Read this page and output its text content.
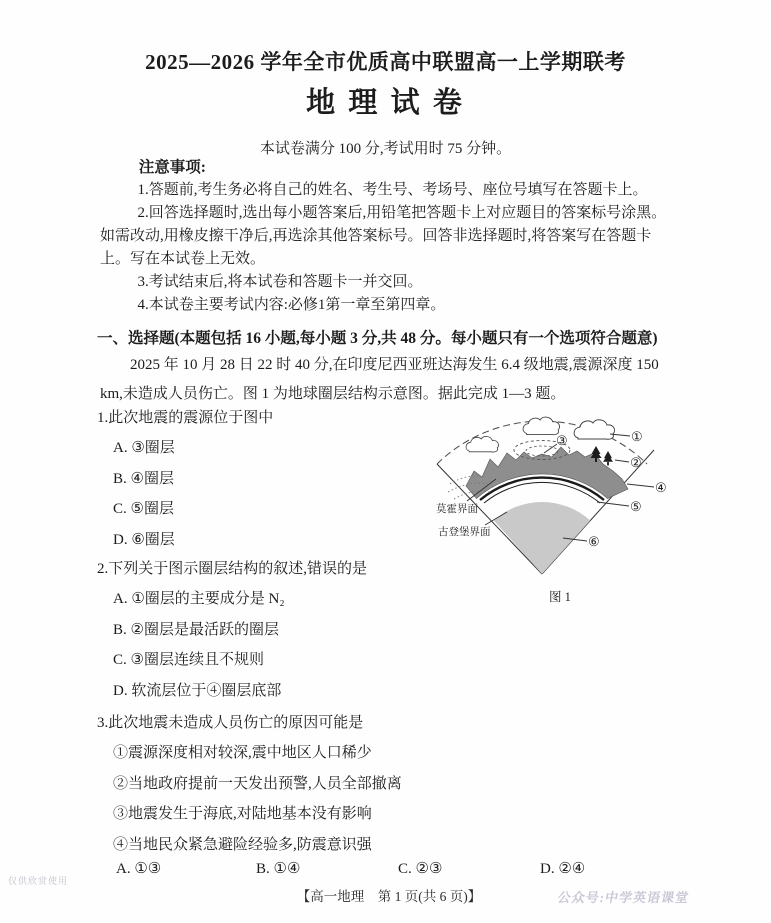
2025—2026 学年全市优质高中联盟高一上学期联考
地 理 试 卷
本试卷满分 100 分,考试用时 75 分钟。

注意事项:

1.答题前,考生务必将自己的姓名、考生号、考场号、座位号填写在答题卡上。

2.回答选择题时,选出每小题答案后,用铅笔把答题卡上对应题目的答案标号涂黑。如需改动,用橡皮擦干净后,再选涂其他答案标号。回答非选择题时,将答案写在答题卡上。写在本试卷上无效。

3.考试结束后,将本试卷和答题卡一并交回。

4.本试卷主要考试内容:必修1第一章至第四章。

一、选择题(本题包括 16 小题,每小题 3 分,共 48 分。每小题只有一个选项符合题意)

2025 年 10 月 28 日 22 时 40 分,在印度尼西亚班达海发生 6.4 级地震,震源深度 150 km,未造成人员伤亡。图 1 为地球圈层结构示意图。据此完成 1—3 题。

1.此次地震的震源位于图中

A. ③圈层

B. ④圈层

C. ⑤圈层

D. ⑥圈层

2.下列关于图示圈层结构的叙述,错误的是

A. ①圈层的主要成分是 N₂

B. ②圈层是最活跃的圈层

C. ③圈层连续且不规则

D. 软流层位于④圈层底部

3.此次地震未造成人员伤亡的原因可能是

①震源深度相对较深,震中地区人口稀少

②当地政府提前一天发出预警,人员全部撤离

③地震发生于海底,对陆地基本没有影响

④当地民众紧急避险经验多,防震意识强

A. ①③	B. ①④	C. ②③	D. ②④
①
②
③
④
⑤
⑥
莫霍界面
古登堡界面
图 1
【高一地理　第 1 页(共 6 页)】	公众号:中学英语课堂
仅供欣赏使用
